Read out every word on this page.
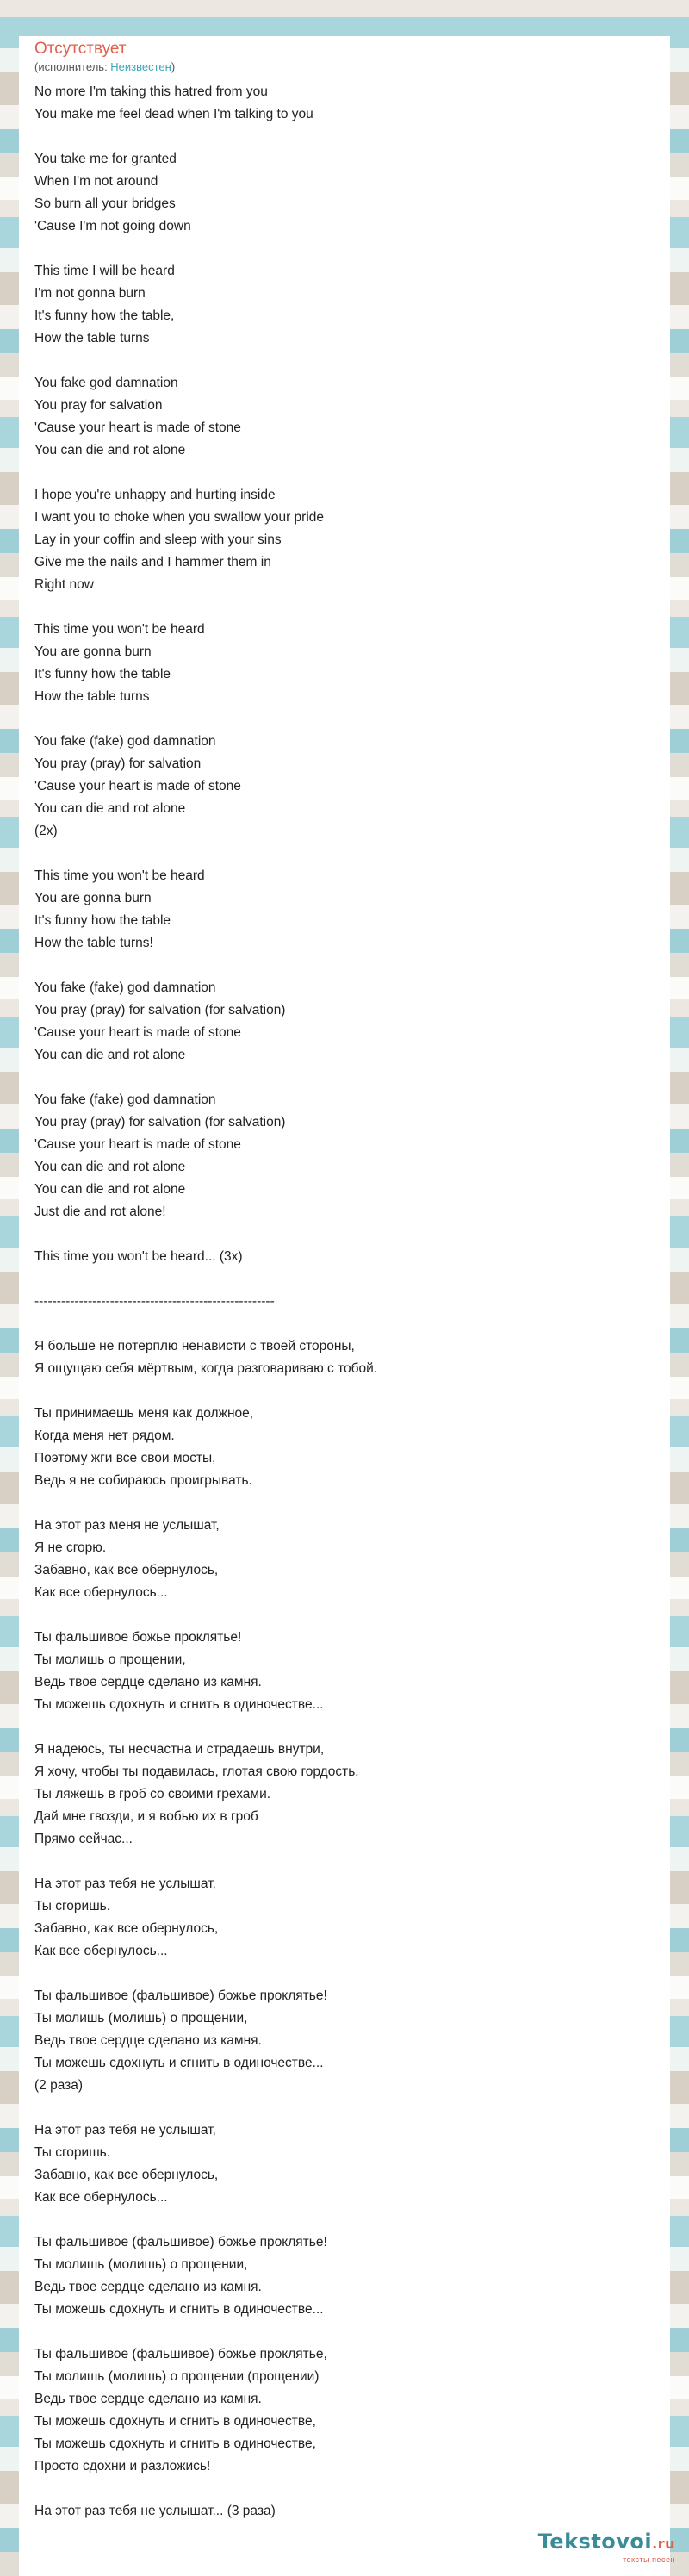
Отсутствует
(исполнитель: Неизвестен)
No more I'm taking this hatred from you
You make me feel dead when I'm talking to you
You take me for granted
When I'm not around
So burn all your bridges
'Cause I'm not going down
This time I will be heard
I'm not gonna burn
It's funny how the table,
How the table turns
You fake god damnation
You pray for salvation
'Cause your heart is made of stone
You can die and rot alone
I hope you're unhappy and hurting inside
I want you to choke when you swallow your pride
Lay in your coffin and sleep with your sins
Give me the nails and I hammer them in
Right now
This time you won't be heard
You are gonna burn
It's funny how the table
How the table turns
You fake (fake) god damnation
You pray (pray) for salvation
'Cause your heart is made of stone
You can die and rot alone
(2x)
This time you won't be heard
You are gonna burn
It's funny how the table
How the table turns!
You fake (fake) god damnation
You pray (pray) for salvation (for salvation)
'Cause your heart is made of stone
You can die and rot alone
You fake (fake) god damnation
You pray (pray) for salvation (for salvation)
'Cause your heart is made of stone
You can die and rot alone
You can die and rot alone
Just die and rot alone!
This time you won't be heard... (3x)
------------------------------------------------------
Я больше не потерплю ненависти с твоей стороны,
Я ощущаю себя мёртвым, когда разговариваю с тобой.
Ты принимаешь меня как должное,
Когда меня нет рядом.
Поэтому жги все свои мосты,
Ведь я не собираюсь проигрывать.
На этот раз меня не услышат,
Я не сгорю.
Забавно, как все обернулось,
Как все обернулось...
Ты фальшивое божье проклятье!
Ты молишь о прощении,
Ведь твое сердце сделано из камня.
Ты можешь сдохнуть и сгнить в одиночестве...
Я надеюсь, ты несчастна и страдаешь внутри,
Я хочу, чтобы ты подавилась, глотая свою гордость.
Ты ляжешь в гроб со своими грехами.
Дай мне гвозди, и я вобью их в гроб
Прямо сейчас...
На этот раз тебя не услышат,
Ты сгоришь.
Забавно, как все обернулось,
Как все обернулось...
Ты фальшивое (фальшивое) божье проклятье!
Ты молишь (молишь) о прощении,
Ведь твое сердце сделано из камня.
Ты можешь сдохнуть и сгнить в одиночестве...
(2 раза)
На этот раз тебя не услышат,
Ты сгоришь.
Забавно, как все обернулось,
Как все обернулось...
Ты фальшивое (фальшивое) божье проклятье!
Ты молишь (молишь) о прощении,
Ведь твое сердце сделано из камня.
Ты можешь сдохнуть и сгнить в одиночестве...
Ты фальшивое (фальшивое) божье проклятье,
Ты молишь (молишь) о прощении (прощении)
Ведь твое сердце сделано из камня.
Ты можешь сдохнуть и сгнить в одиночестве,
Ты можешь сдохнуть и сгнить в одиночестве,
Просто сдохни и разложись!
На этот раз тебя не услышат... (3 раза)
Tekstovoi.ru
тексты песен
